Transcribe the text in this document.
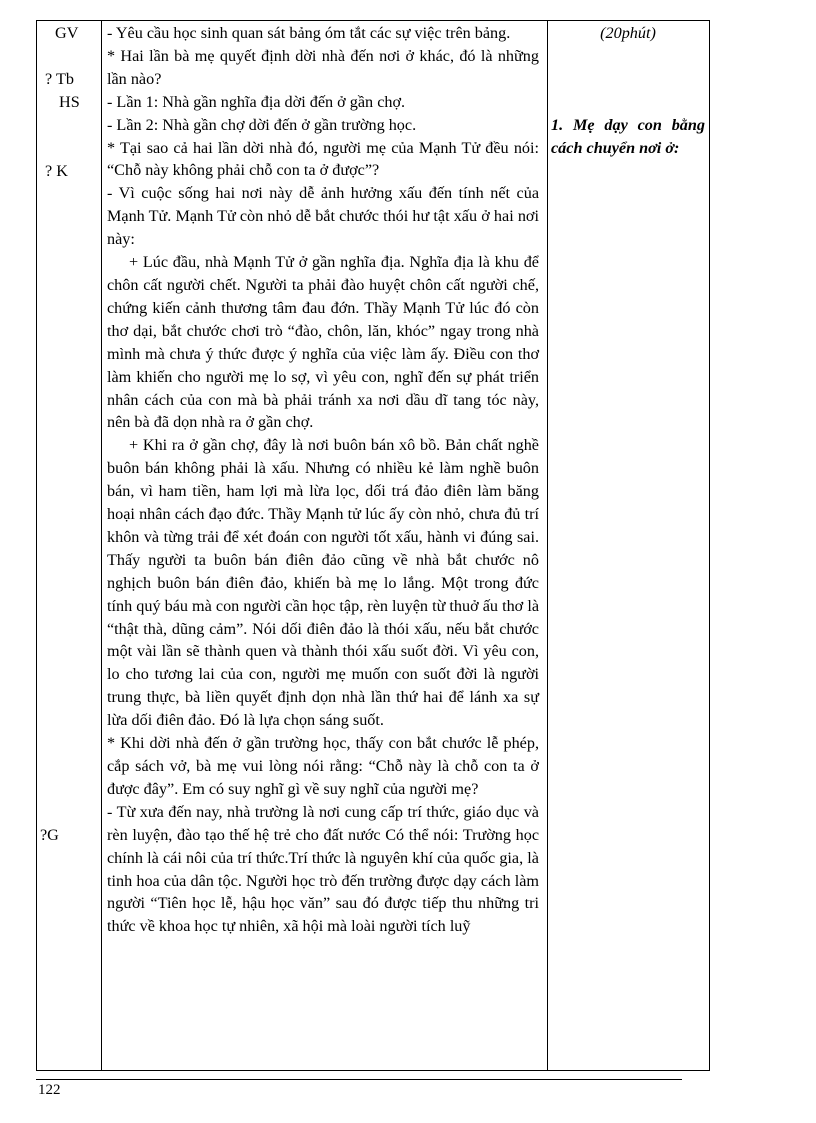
GV
? Tb
HS
? K
?G

- Yêu cầu học sinh quan sát bảng óm tắt các sự việc trên bảng.

* Hai lần bà mẹ quyết định dời nhà đến nơi ở khác, đó là những lần nào?

- Lần 1: Nhà gần nghĩa địa dời đến ở gần chợ.

- Lần 2: Nhà gần chợ dời đến ở gần trường học.

* Tại sao cả hai lần dời nhà đó, người mẹ của Mạnh Tử đều nói: “Chỗ này không phải chỗ con ta ở được”?

- Vì cuộc sống hai nơi này dễ ảnh hưởng xấu đến tính nết của Mạnh Tử. Mạnh Tử còn nhỏ dễ bắt chước thói hư tật xấu ở hai nơi này:

+ Lúc đầu, nhà Mạnh Tử ở gần nghĩa địa. Nghĩa địa là khu để chôn cất người chết. Người ta phải đào huyệt chôn cất người chế, chứng kiến cảnh thương tâm đau đớn. Thầy Mạnh Tử lúc đó còn thơ dại, bắt chước chơi trò “đào, chôn, lăn, khóc” ngay trong nhà mình mà chưa ý thức được ý nghĩa của việc làm ấy. Điều con thơ làm khiến cho người mẹ lo sợ, vì yêu con, nghĩ đến sự phát triển nhân cách của con mà bà phải tránh xa nơi dầu dĩ tang tóc này, nên bà đã dọn nhà ra ở gần chợ.

+ Khi ra ở gần chợ, đây là nơi buôn bán xô bồ. Bản chất nghề buôn bán không phải là xấu. Nhưng có nhiều kẻ làm nghề buôn bán, vì ham tiền, ham lợi mà lừa lọc, dối trá đảo điên làm băng hoại nhân cách đạo đức. Thầy Mạnh tử lúc ấy còn nhỏ, chưa đủ trí khôn và từng trải để xét đoán con người tốt xấu, hành vi đúng sai. Thấy người ta buôn bán điên đảo cũng về nhà bắt chước nô nghịch buôn bán điên đảo, khiến bà mẹ lo lắng. Một trong đức tính quý báu mà con người cần học tập, rèn luyện từ thuở ấu thơ là “thật thà, dũng cảm”. Nói dối điên đảo là thói xấu, nếu bắt chước một vài lần sẽ thành quen và thành thói xấu suốt đời. Vì yêu con, lo cho tương lai của con, người mẹ muốn con suốt đời là người trung thực, bà liền quyết định dọn nhà lần thứ hai để lánh xa sự lừa dối điên đảo. Đó là lựa chọn sáng suốt.

* Khi dời nhà đến ở gần trường học, thấy con bắt chước lễ phép, cắp sách vở, bà mẹ vui lòng nói rằng: “Chỗ này là chỗ con ta ở được đây”. Em có suy nghĩ gì về suy nghĩ của người mẹ?

- Từ xưa đến nay, nhà trường là nơi cung cấp trí thức, giáo dục và rèn luyện, đào tạo thế hệ trẻ cho đất nước Có thể nói: Trường học chính là cái nôi của trí thức.Trí thức là nguyên khí của quốc gia, là tinh hoa của dân tộc. Người học trò đến trường được dạy cách làm người “Tiên học lễ, hậu học văn” sau đó được tiếp thu những tri thức về khoa học tự nhiên, xã hội mà loài người tích luỹ

(20phút)
1. Mẹ dạy con bằng cách chuyển nơi ở:
122
